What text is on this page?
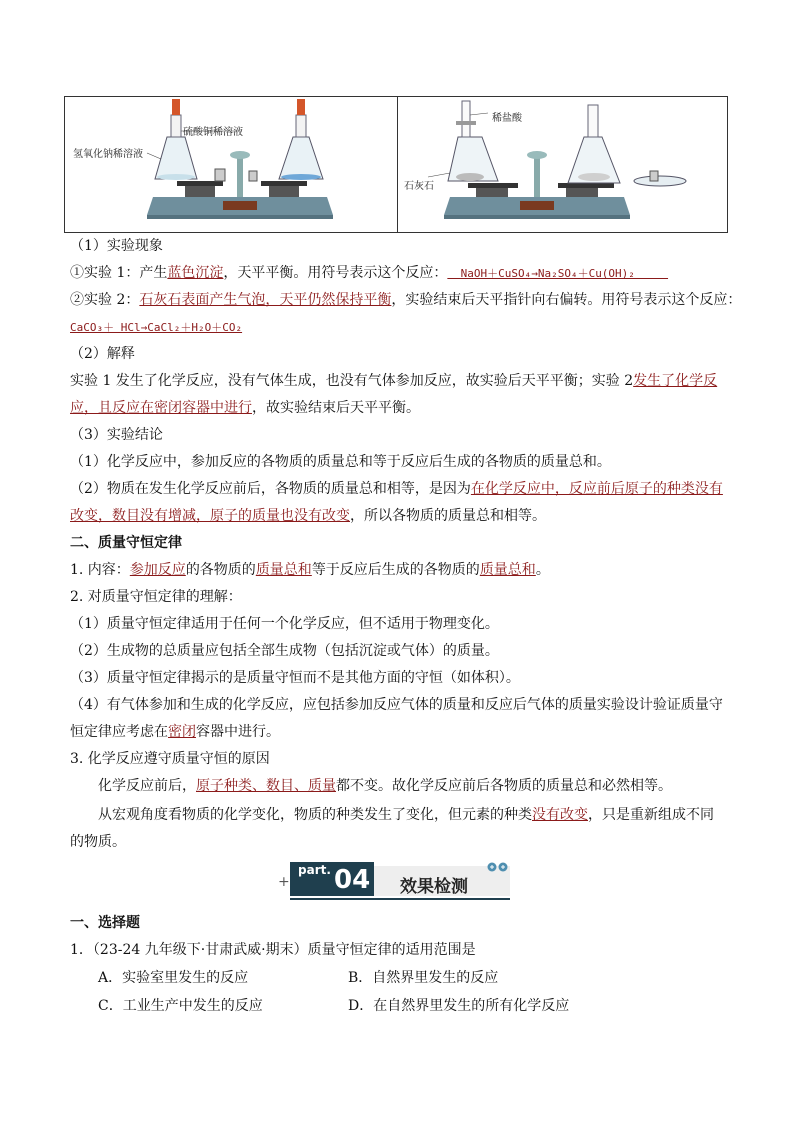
硫酸铜稀溶液
氢氧化钠稀溶液
稀盐酸
石灰石
（1）实验现象
①实验 1：产生蓝色沉淀，天平平衡。用符号表示这个反应：  NaOH＋CuSO₄→Na₂SO₄＋Cu(OH)₂
②实验 2：石灰石表面产生气泡，天平仍然保持平衡，实验结束后天平指针向右偏转。用符号表示这个反应：
CaCO₃＋ HCl→CaCl₂＋H₂O＋CO₂
（2）解释
实验 1 发生了化学反应，没有气体生成，也没有气体参加反应，故实验后天平平衡；实验 2发生了化学反
应，且反应在密闭容器中进行，故实验结束后天平平衡。
（3）实验结论
（1）化学反应中，参加反应的各物质的质量总和等于反应后生成的各物质的质量总和。
（2）物质在发生化学反应前后，各物质的质量总和相等，是因为在化学反应中，反应前后原子的种类没有
改变，数目没有增减，原子的质量也没有改变，所以各物质的质量总和相等。
二、质量守恒定律
1. 内容：参加反应的各物质的质量总和等于反应后生成的各物质的质量总和。
2. 对质量守恒定律的理解：
（1）质量守恒定律适用于任何一个化学反应，但不适用于物理变化。
（2）生成物的总质量应包括全部生成物（包括沉淀或气体）的质量。
（3）质量守恒定律揭示的是质量守恒而不是其他方面的守恒（如体积）。
（4）有气体参加和生成的化学反应，应包括参加反应气体的质量和反应后气体的质量实验设计验证质量守
恒定律应考虑在密闭容器中进行。
3. 化学反应遵守质量守恒的原因
化学反应前后，原子种类、数目、质量都不变。故化学反应前后各物质的质量总和必然相等。
从宏观角度看物质的化学变化，物质的种类发生了变化，但元素的种类没有改变，只是重新组成不同
的物质。
+
part. 04 效果检测
一、选择题
1．（23-24 九年级下·甘肃武威·期末）质量守恒定律的适用范围是
A．实验室里发生的反应	B．自然界里发生的反应
C．工业生产中发生的反应	D．在自然界里发生的所有化学反应
